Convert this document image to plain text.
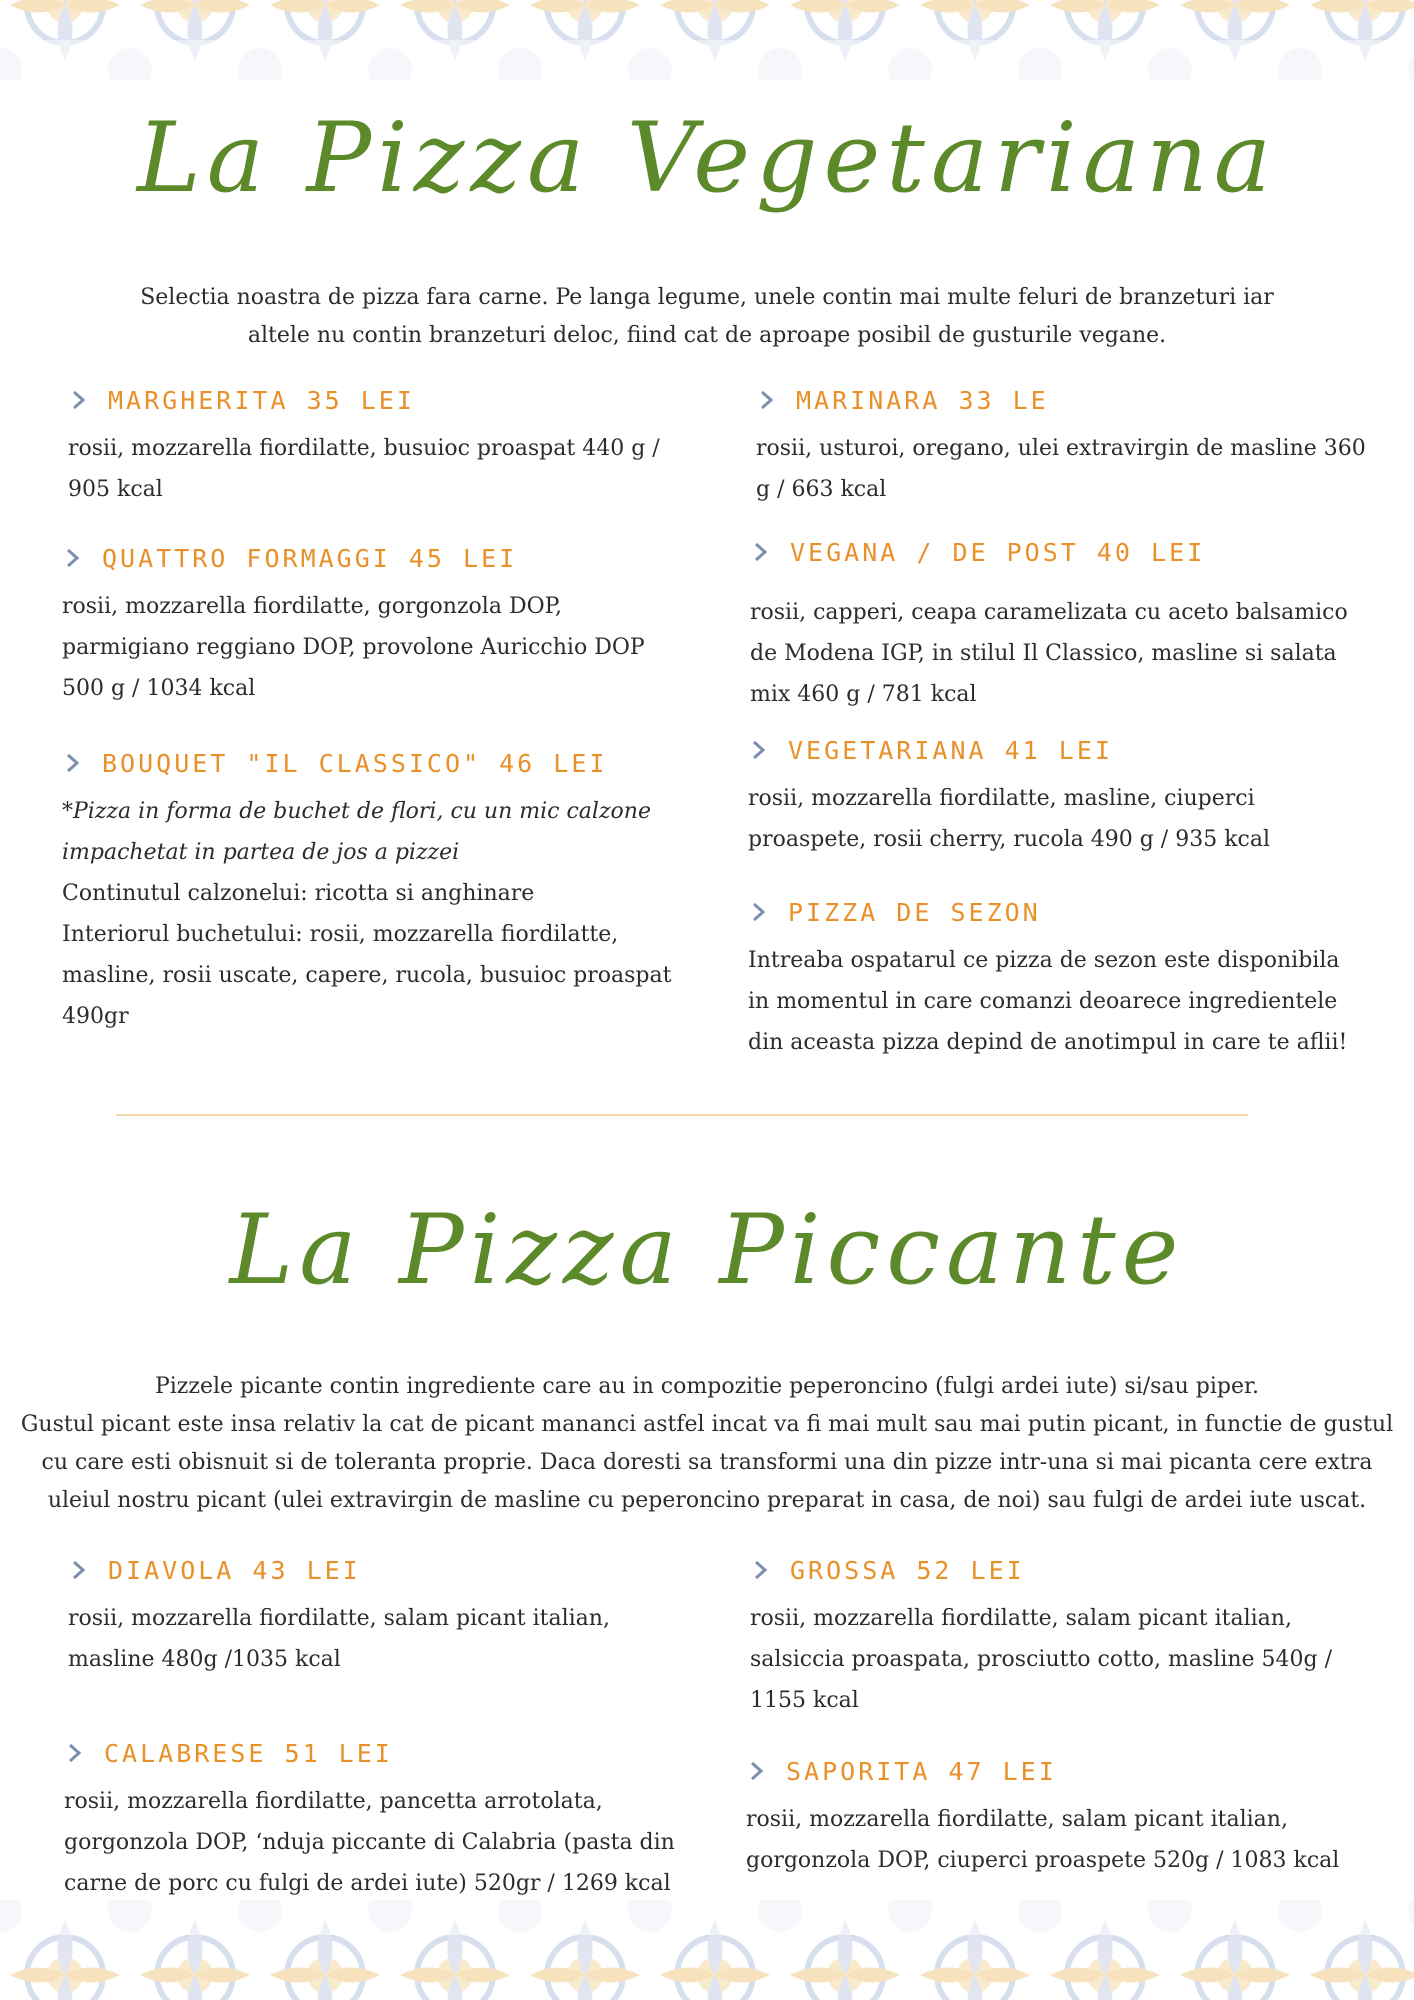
La Pizza Vegetariana
Selectia noastra de pizza fara carne. Pe langa legume, unele contin mai multe feluri de branzeturi iar
altele nu contin branzeturi deloc, fiind cat de aproape posibil de gusturile vegane.
MARGHERITA 35 LEI
rosii, mozzarella fiordilatte, busuioc proaspat 440 g /
905 kcal
QUATTRO FORMAGGI 45 LEI
rosii, mozzarella fiordilatte, gorgonzola DOP,
parmigiano reggiano DOP, provolone Auricchio DOP
500 g / 1034 kcal
BOUQUET "IL CLASSICO" 46 LEI
*Pizza in forma de buchet de flori, cu un mic calzone
impachetat in partea de jos a pizzei
Continutul calzonelui: ricotta si anghinare
Interiorul buchetului: rosii, mozzarella fiordilatte,
masline, rosii uscate, capere, rucola, busuioc proaspat
490gr
MARINARA 33 LE
rosii, usturoi, oregano, ulei extravirgin de masline 360
g / 663 kcal
VEGANA / DE POST 40 LEI
rosii, capperi, ceapa caramelizata cu aceto balsamico
de Modena IGP, in stilul Il Classico, masline si salata
mix 460 g / 781 kcal
VEGETARIANA 41 LEI
rosii, mozzarella fiordilatte, masline, ciuperci
proaspete, rosii cherry, rucola 490 g / 935 kcal
PIZZA DE SEZON
Intreaba ospatarul ce pizza de sezon este disponibila
in momentul in care comanzi deoarece ingredientele
din aceasta pizza depind de anotimpul in care te aflii!
La Pizza Piccante
Pizzele picante contin ingrediente care au in compozitie peperoncino (fulgi ardei iute) si/sau piper.
Gustul picant este insa relativ la cat de picant mananci astfel incat va fi mai mult sau mai putin picant, in functie de gustul
cu care esti obisnuit si de toleranta proprie. Daca doresti sa transformi una din pizze intr-una si mai picanta cere extra
uleiul nostru picant (ulei extravirgin de masline cu peperoncino preparat in casa, de noi) sau fulgi de ardei iute uscat.
DIAVOLA 43 LEI
rosii, mozzarella fiordilatte, salam picant italian,
masline 480g /1035 kcal
CALABRESE 51 LEI
rosii, mozzarella fiordilatte, pancetta arrotolata,
gorgonzola DOP, ‘nduja piccante di Calabria (pasta din
carne de porc cu fulgi de ardei iute) 520gr / 1269 kcal
GROSSA 52 LEI
rosii, mozzarella fiordilatte, salam picant italian,
salsiccia proaspata, prosciutto cotto, masline 540g /
1155 kcal
SAPORITA 47 LEI
rosii, mozzarella fiordilatte, salam picant italian,
gorgonzola DOP, ciuperci proaspete 520g / 1083 kcal
